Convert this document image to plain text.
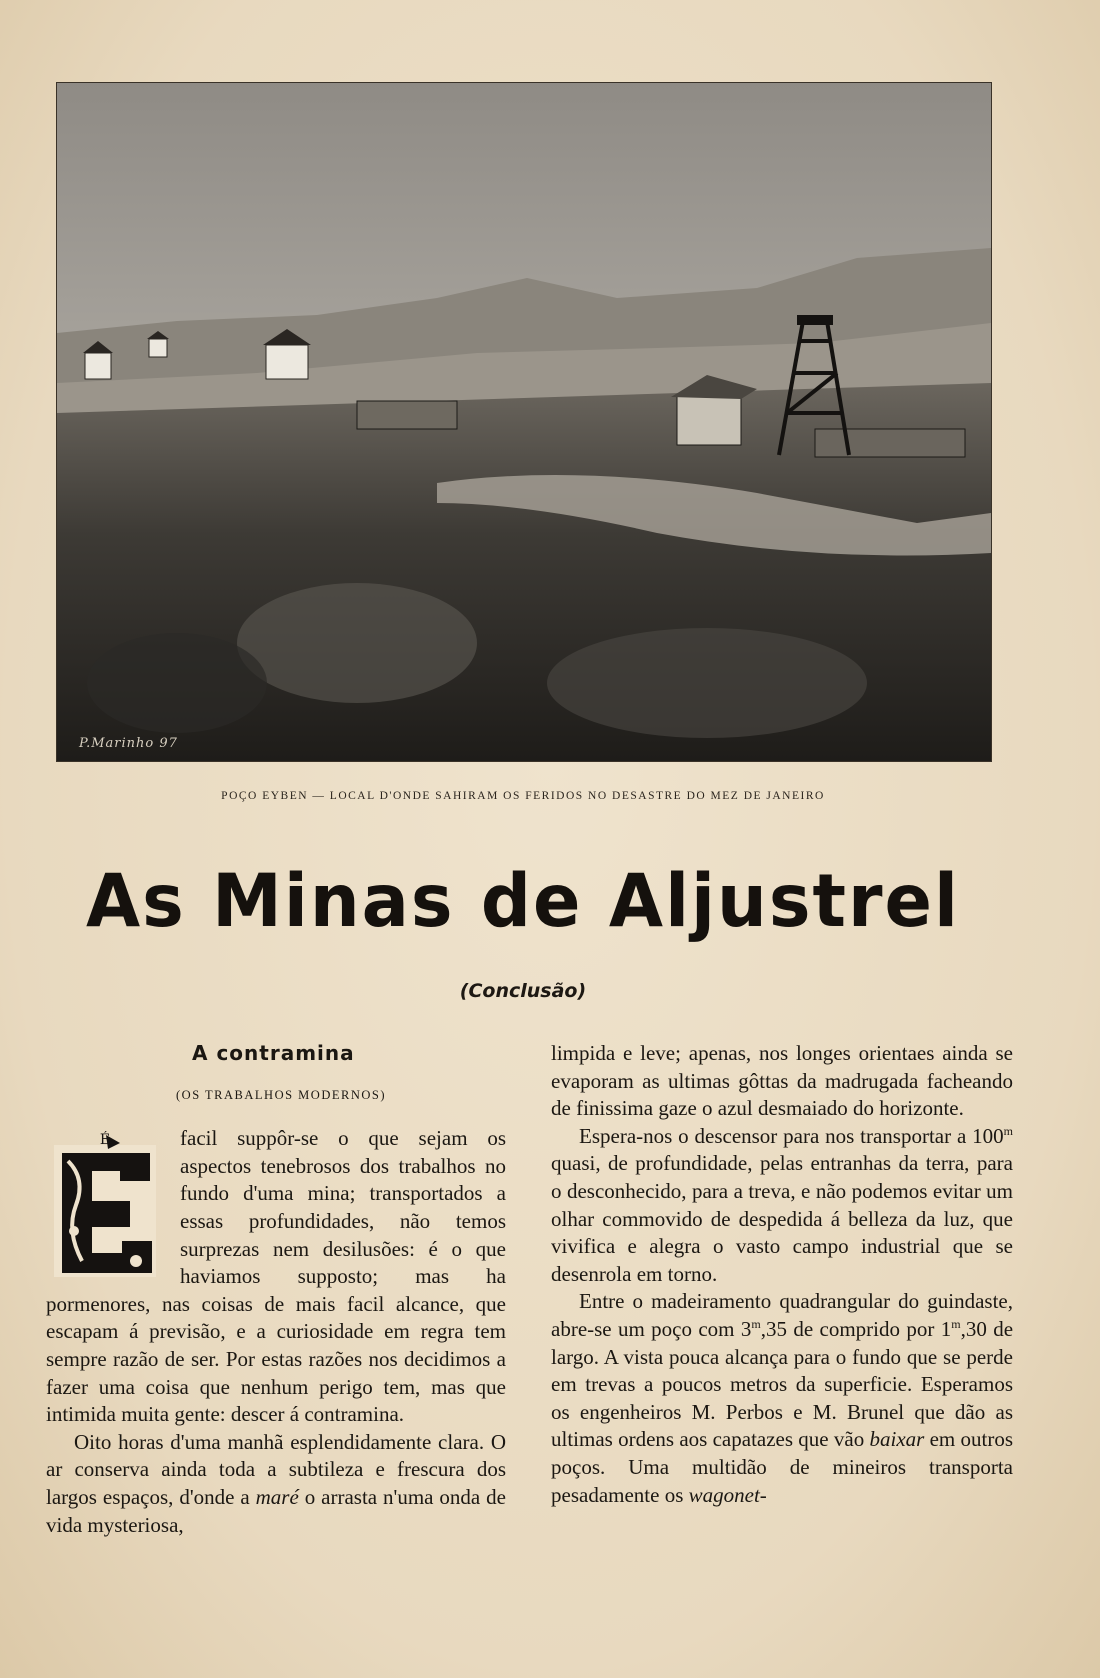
P.Marinho 97
POÇO EYBEN — LOCAL D'ONDE SAHIRAM OS FERIDOS NO DESASTRE DO MEZ DE JANEIRO
As Minas de Aljustrel
(Conclusão)
A contramina
(OS TRABALHOS MODERNOS)
É	facil suppôr-se o que sejam os aspectos tenebrosos dos trabalhos no fundo d'uma mina; transportados a essas profundidades, não temos surprezas nem desilusões: é o que haviamos supposto; mas ha pormenores, nas coisas de mais facil alcance, que escapam á previsão, e a curiosidade em regra tem sempre razão de ser. Por estas razões nos decidimos a fazer uma coisa que nenhum perigo tem, mas que intimida muita gente: descer á contramina.

Oito horas d'uma manhã esplendidamente clara. O ar conserva ainda toda a subtileza e frescura dos largos espaços, d'onde a maré o arrasta n'uma onda de vida mysteriosa,

limpida e leve; apenas, nos longes orientaes ainda se evaporam as ultimas gôttas da madrugada facheando de finissima gaze o azul desmaiado do horizonte.

Espera-nos o descensor para nos transportar a 100$^m$ quasi, de profundidade, pelas entranhas da terra, para o desconhecido, para a treva, e não podemos evitar um olhar commovido de despedida á belleza da luz, que vivifica e alegra o vasto campo industrial que se desenrola em torno.

Entre o madeiramento quadrangular do guindaste, abre-se um poço com 3$^m$,35 de comprido por 1$^m$,30 de largo. A vista pouca alcança para o fundo que se perde em trevas a poucos metros da superficie. Esperamos os engenheiros M. Perbos e M. Brunel que dão as ultimas ordens aos capatazes que vão baixar em outros poços. Uma multidão de mineiros transporta pesadamente os wagonet-
